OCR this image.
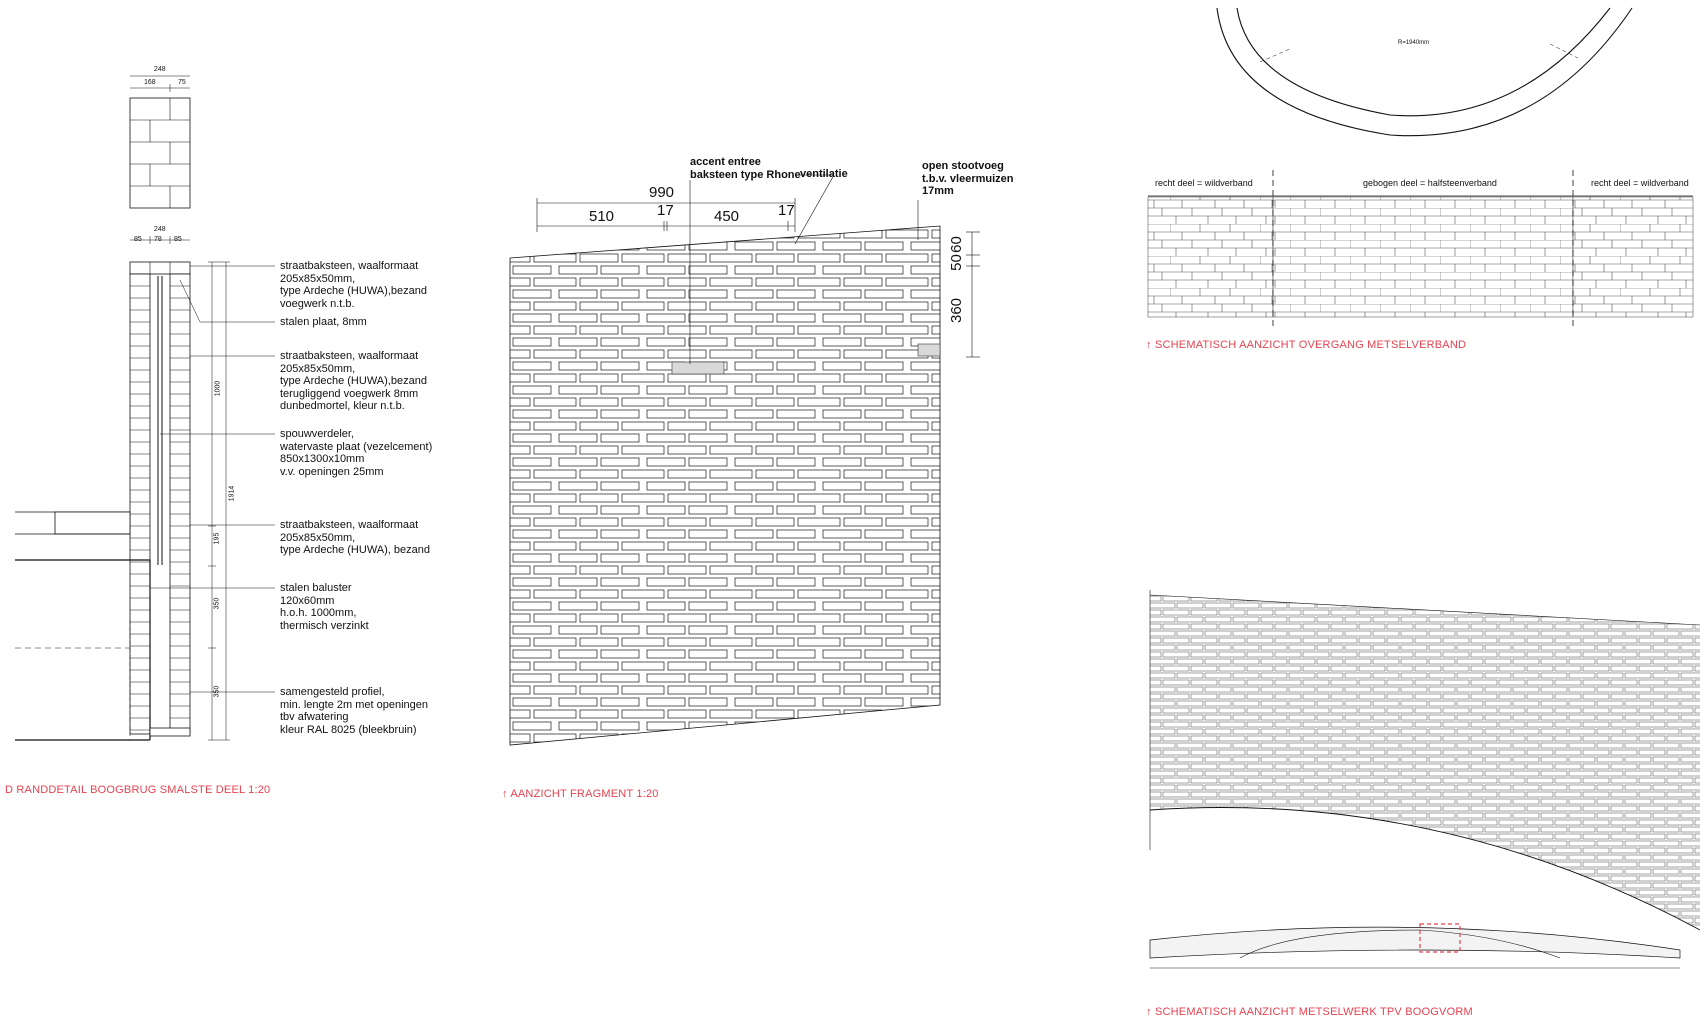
248
168	75
248
85 78 85
1000
1914
195
350
350
straatbaksteen, waalformaat
205x85x50mm,
type Ardeche (HUWA),bezand
voegwerk n.t.b.
stalen plaat, 8mm
straatbaksteen, waalformaat
205x85x50mm,
type Ardeche (HUWA),bezand
terugliggend voegwerk 8mm
dunbedmortel, kleur n.t.b.
spouwverdeler,
watervaste plaat (vezelcement)
850x1300x10mm
v.v. openingen 25mm
straatbaksteen, waalformaat
205x85x50mm,
type Ardeche (HUWA), bezand
stalen baluster
120x60mm
h.o.h. 1000mm,
thermisch verzinkt
samengesteld profiel,
min. lengte 2m met openingen
tbv afwatering
kleur RAL 8025 (bleekbruin)
accent entree
baksteen type Rhone ventilatie
open stootvoeg
t.b.v. vleermuizen
17mm
990
510	17	450	17
60
50
360
R=1940mm
recht deel = wildverband	gebogen deel = halfsteenverband	recht deel = wildverband
D RANDDETAIL BOOGBRUG SMALSTE DEEL 1:20	↑ AANZICHT FRAGMENT 1:20
↑ SCHEMATISCH AANZICHT OVERGANG METSELVERBAND
↑ SCHEMATISCH AANZICHT METSELWERK TPV BOOGVORM
